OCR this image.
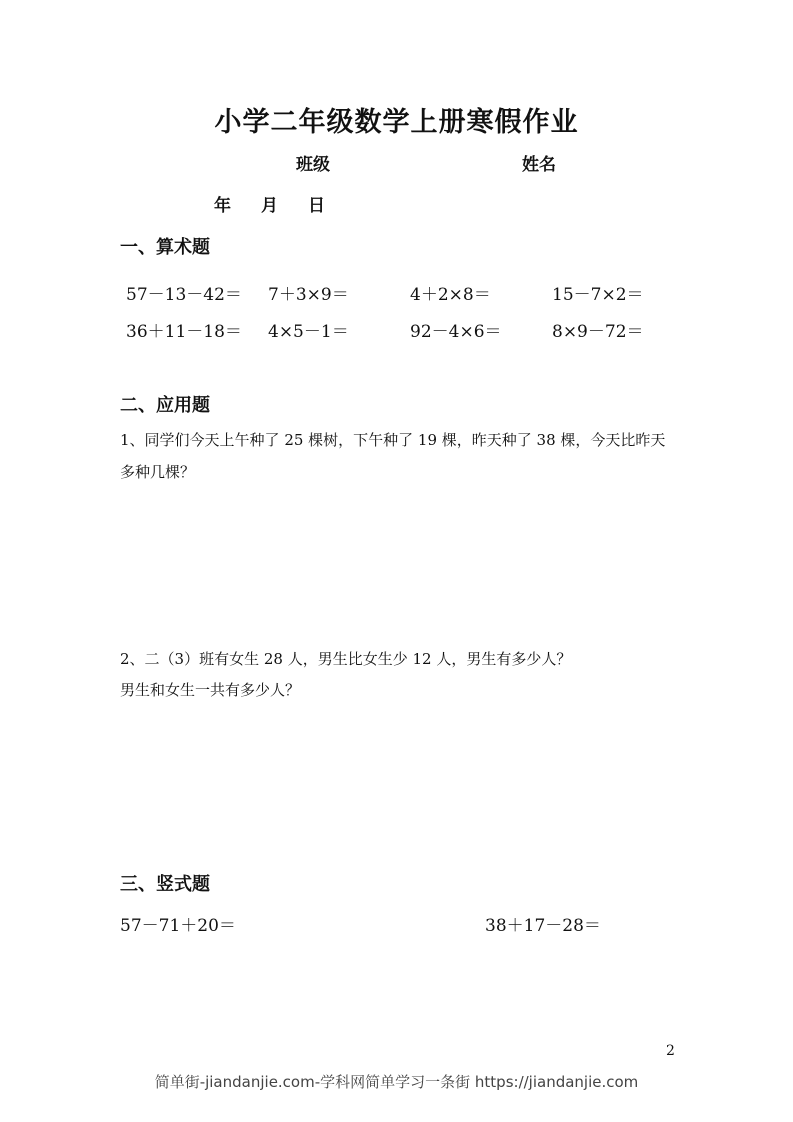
小学二年级数学上册寒假作业
班级	姓名
年 月 日
一、算术题
57－13－42＝ 7＋3×9＝	4＋2×8＝	15－7×2＝
36＋11－18＝ 4×5－1＝	92－4×6＝	8×9－72＝
二、应用题
1、同学们今天上午种了 25 棵树，下午种了 19 棵，昨天种了 38 棵，今天比昨天
多种几棵？
2、二（3）班有女生 28 人，男生比女生少 12 人，男生有多少人？
男生和女生一共有多少人？
三、竖式题
57－71＋20＝	38＋17－28＝
2
简单街-jiandanjie.com-学科网简单学习一条街 https://jiandanjie.com
